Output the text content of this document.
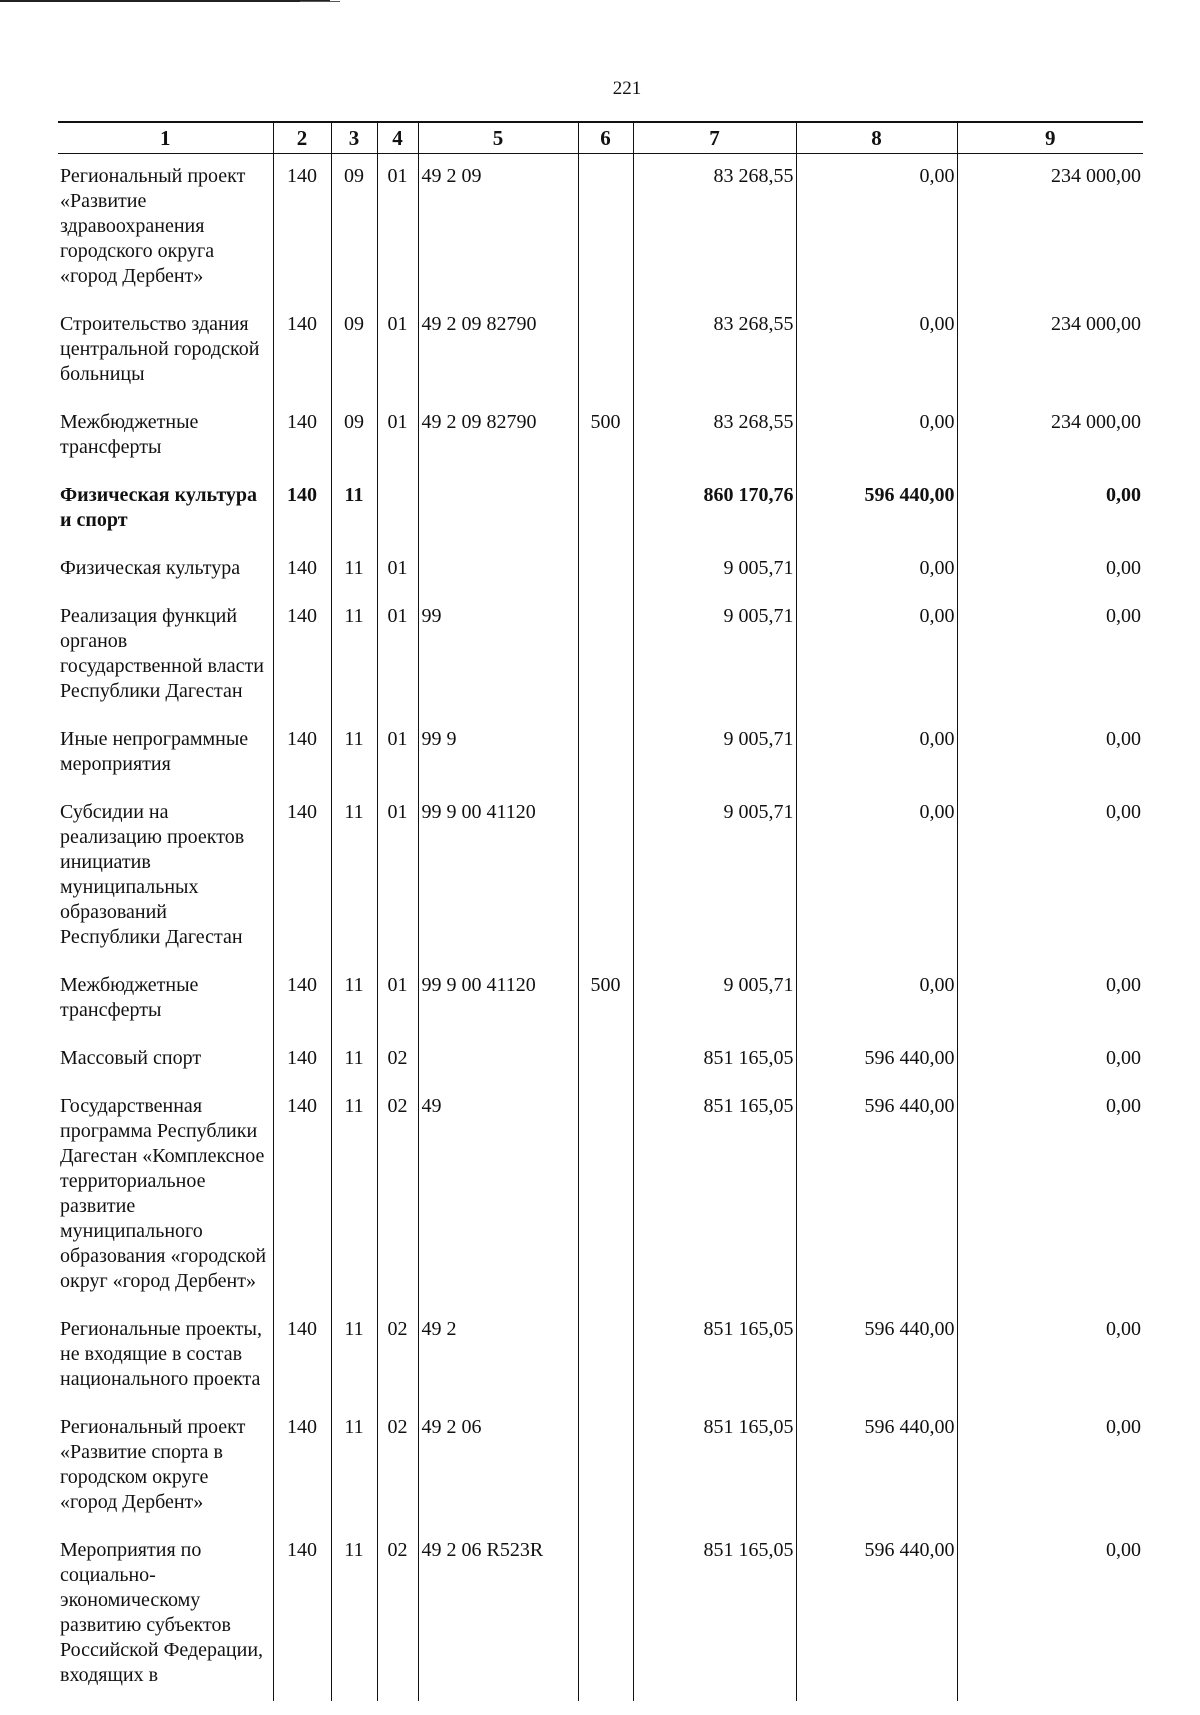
221
1	2	3	4	5	6	7	8	9
Региональный проект «Развитие здравоохранения городского округа «город Дербент»	140	09	01	49 2 09		83 268,55	0,00	234 000,00
Строительство здания центральной городской больницы	140	09	01	49 2 09 82790		83 268,55	0,00	234 000,00
Межбюджетные трансферты	140	09	01	49 2 09 82790	500	83 268,55	0,00	234 000,00
Физическая культура и спорт	140	11				860 170,76	596 440,00	0,00
Физическая культура	140	11	01			9 005,71	0,00	0,00
Реализация функций органов государственной власти Республики Дагестан	140	11	01	99		9 005,71	0,00	0,00
Иные непрограммные мероприятия	140	11	01	99 9		9 005,71	0,00	0,00
Субсидии на реализацию проектов инициатив муниципальных образований Республики Дагестан	140	11	01	99 9 00 41120		9 005,71	0,00	0,00
Межбюджетные трансферты	140	11	01	99 9 00 41120	500	9 005,71	0,00	0,00
Массовый спорт	140	11	02			851 165,05	596 440,00	0,00
Государственная программа Республики Дагестан «Комплексное территориальное развитие муниципального образования «городской округ «город Дербент»	140	11	02	49		851 165,05	596 440,00	0,00
Региональные проекты, не входящие в состав национального проекта	140	11	02	49 2		851 165,05	596 440,00	0,00
Региональный проект «Развитие спорта в городском округе «город Дербент»	140	11	02	49 2 06		851 165,05	596 440,00	0,00
Мероприятия по социально-экономическому развитию субъектов Российской Федерации, входящих в	140	11	02	49 2 06 R523R		851 165,05	596 440,00	0,00
